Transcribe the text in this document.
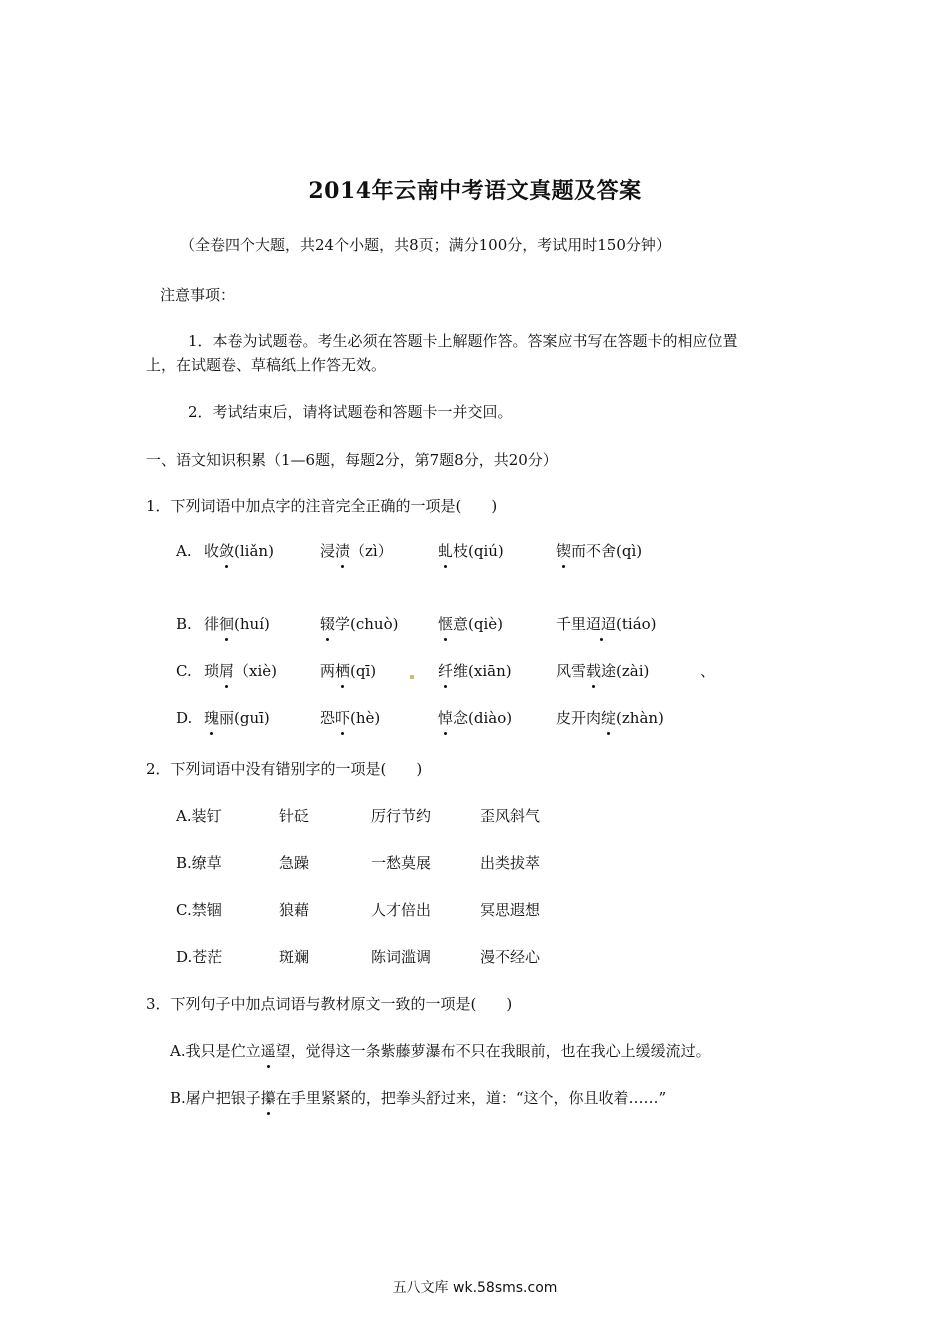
2014年云南中考语文真题及答案
（全卷四个大题，共24个小题，共8页；满分100分，考试用时150分钟）
注意事项：
1．本卷为试题卷。考生必须在答题卡上解题作答。答案应书写在答题卡的相应位置
上，在试题卷、草稿纸上作答无效。
2．考试结束后，请将试题卷和答题卡一并交回。
一、语文知识积累（1—6题，每题2分，第7题8分，共20分）
1．下列词语中加点字的注音完全正确的一项是(　　)
A. 收敛(liǎn)	浸渍（zì）	虬枝(qiú)	锲而不舍(qì)
B. 徘徊(huí)	辍学(chuò)	惬意(qiè)	千里迢迢(tiáo)
C. 琐屑（xiè)	两栖(qī)	纤维(xiān)	风雪载途(zài)	、
D. 瑰丽(guī)	恐吓(hè)	悼念(diào)	皮开肉绽(zhàn)
2．下列词语中没有错别字的一项是(　　)
A.装钉	针砭	厉行节约	歪风斜气
B.缭草	急躁	一愁莫展	出类拔萃
C.禁锢	狼藉	人才倍出	冥思遐想
D.苍茫	斑斓	陈词滥调	漫不经心
3．下列句子中加点词语与教材原文一致的一项是(　　)
A.我只是伫立遥望，觉得这一条紫藤萝瀑布不只在我眼前，也在我心上缓缓流过。
B.屠户把银子攥在手里紧紧的，把拳头舒过来，道：“这个，你且收着……”
五八文库 wk.58sms.com
